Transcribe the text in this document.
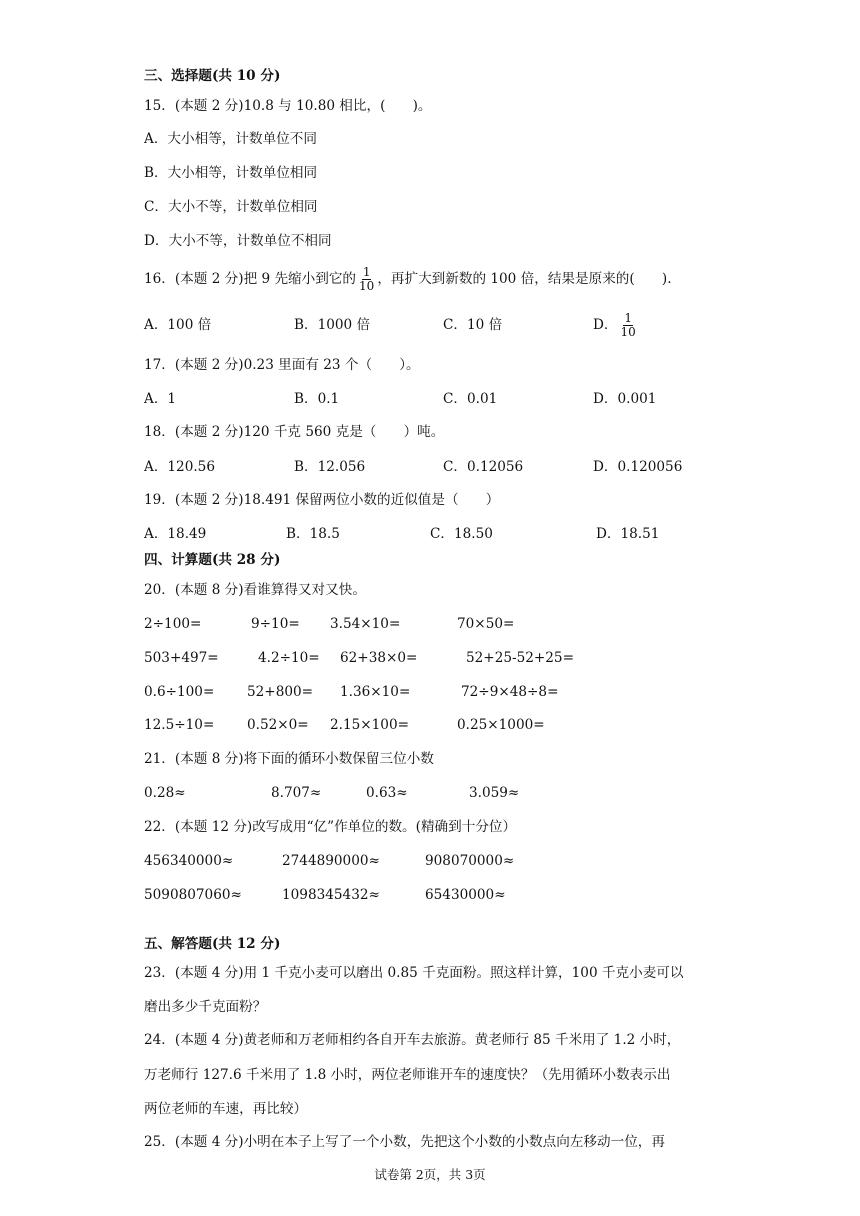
三、选择题(共 10 分)
15．(本题 2 分)10.8 与 10.80 相比，(　　)。
A．大小相等，计数单位不同
B．大小相等，计数单位相同
C．大小不等，计数单位相同
D．大小不等，计数单位不相同
16．(本题 2 分)把 9 先缩小到它的 $\frac{1}{10}$ ，再扩大到新数的 100 倍，结果是原来的(　　).
A．100 倍	B．1000 倍	C．10 倍	D． $\frac{1}{10}$
17．(本题 2 分)0.23 里面有 23 个（　　）。
A．1	B．0.1	C．0.01	D．0.001
18．(本题 2 分)120 千克 560 克是（　　）吨。
A．120.56	B．12.056	C．0.12056	D．0.120056
19．(本题 2 分)18.491 保留两位小数的近似值是（　　）
A．18.49	B．18.5	C．18.50	D．18.51
四、计算题(共 28 分)
20．(本题 8 分)看谁算得又对又快。
2÷100=	9÷10= 3.54×10=	70×50=
503+497=	4.2÷10= 62+38×0=	52+25-52+25=
0.6÷100= 52+800= 1.36×10=	72÷9×48÷8=
12.5÷10= 0.52×0= 2.15×100=	0.25×1000=
21．(本题 8 分)将下面的循环小数保留三位小数
0.28≈	8.707≈	0.63≈	3.059≈
22．(本题 12 分)改写成用“亿”作单位的数。(精确到十分位）
456340000≈	2744890000≈	908070000≈
5090807060≈	1098345432≈	65430000≈
五、解答题(共 12 分)
23．(本题 4 分)用 1 千克小麦可以磨出 0.85 千克面粉。照这样计算，100 千克小麦可以
磨出多少千克面粉？
24．(本题 4 分)黄老师和万老师相约各自开车去旅游。黄老师行 85 千米用了 1.2 小时，
万老师行 127.6 千米用了 1.8 小时，两位老师谁开车的速度快？（先用循环小数表示出
两位老师的车速，再比较）
25．(本题 4 分)小明在本子上写了一个小数，先把这个小数的小数点向左移动一位，再
试卷第 2页，共 3页
